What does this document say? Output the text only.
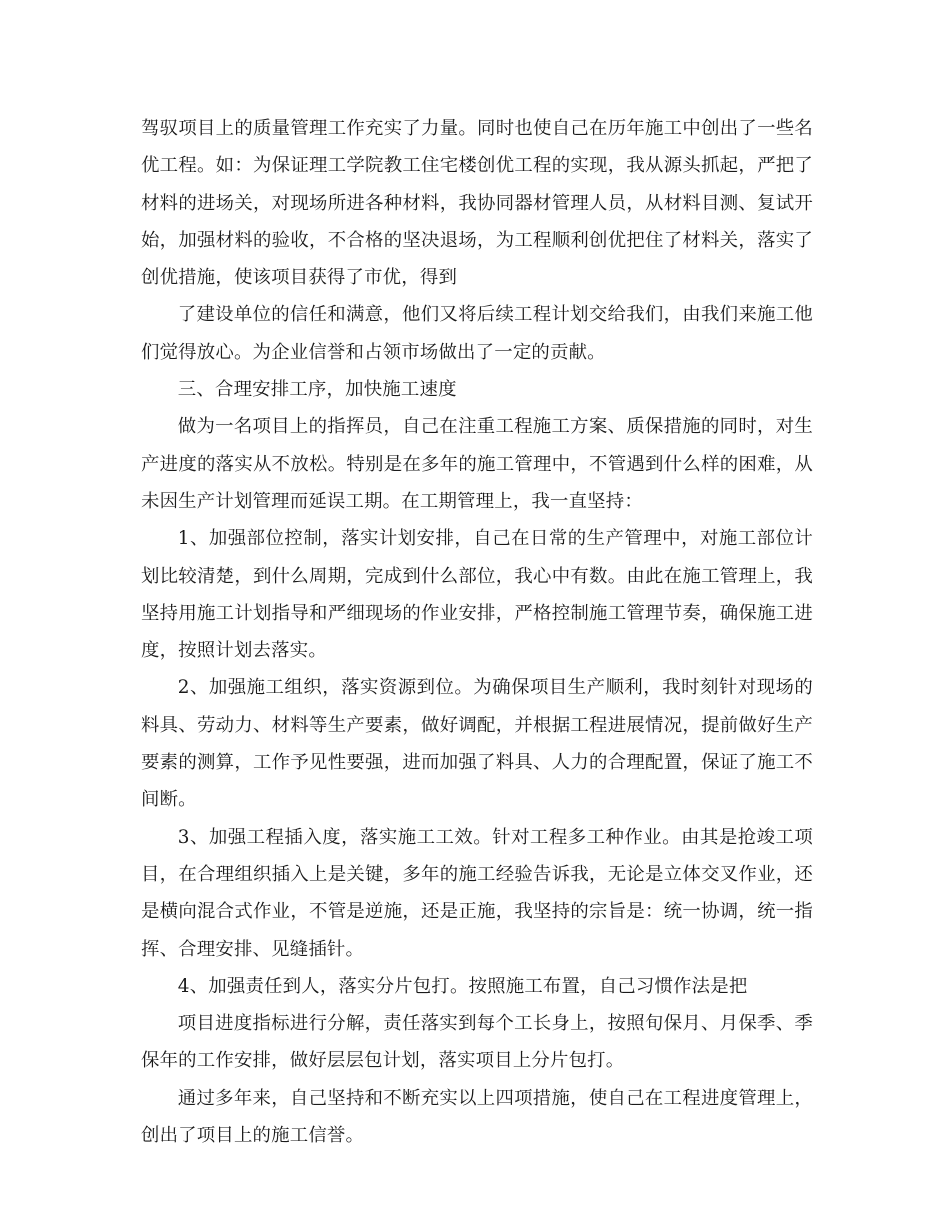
驾驭项目上的质量管理工作充实了力量。同时也使自己在历年施工中创出了一些名优工程。如：为保证理工学院教工住宅楼创优工程的实现，我从源头抓起，严把了材料的进场关，对现场所进各种材料，我协同器材管理人员，从材料目测、复试开始，加强材料的验收，不合格的坚决退场，为工程顺利创优把住了材料关，落实了创优措施，使该项目获得了市优，得到

了建设单位的信任和满意，他们又将后续工程计划交给我们，由我们来施工他们觉得放心。为企业信誉和占领市场做出了一定的贡献。

三、合理安排工序，加快施工速度

做为一名项目上的指挥员，自己在注重工程施工方案、质保措施的同时，对生产进度的落实从不放松。特别是在多年的施工管理中，不管遇到什么样的困难，从未因生产计划管理而延误工期。在工期管理上，我一直坚持：

1、加强部位控制，落实计划安排，自己在日常的生产管理中，对施工部位计划比较清楚，到什么周期，完成到什么部位，我心中有数。由此在施工管理上，我坚持用施工计划指导和严细现场的作业安排，严格控制施工管理节奏，确保施工进度，按照计划去落实。

2、加强施工组织，落实资源到位。为确保项目生产顺利，我时刻针对现场的料具、劳动力、材料等生产要素，做好调配，并根据工程进展情况，提前做好生产要素的测算，工作予见性要强，进而加强了料具、人力的合理配置，保证了施工不间断。

3、加强工程插入度，落实施工工效。针对工程多工种作业。由其是抢竣工项目，在合理组织插入上是关键，多年的施工经验告诉我，无论是立体交叉作业，还是横向混合式作业，不管是逆施，还是正施，我坚持的宗旨是：统一协调，统一指挥、合理安排、见缝插针。

4、加强责任到人，落实分片包打。按照施工布置，自己习惯作法是把

项目进度指标进行分解，责任落实到每个工长身上，按照旬保月、月保季、季保年的工作安排，做好层层包计划，落实项目上分片包打。

通过多年来，自己坚持和不断充实以上四项措施，使自己在工程进度管理上，创出了项目上的施工信誉。
